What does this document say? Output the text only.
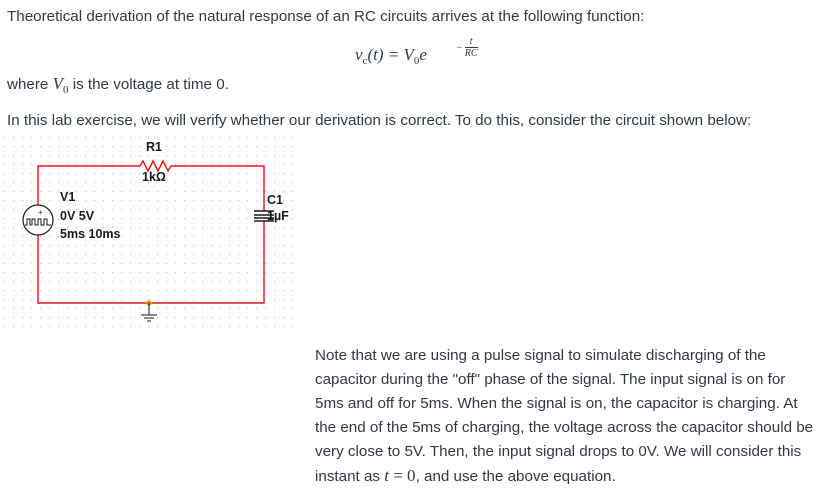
Theoretical derivation of the natural response of an RC circuits arrives at the following function:

$v_c(t) = V_0e$	− $\frac{t}{RC}$

where $V_0$ is the voltage at time 0.

In this lab exercise, we will verify whether our derivation is correct. To do this, consider the circuit shown below:

+
R1
1kΩ
V1
0V 5V
5ms 10ms
C1
1µF

Note that we are using a pulse signal to simulate discharging of the capacitor during the "off" phase of the signal. The input signal is on for 5ms and off for 5ms. When the signal is on, the capacitor is charging. At the end of the 5ms of charging, the voltage across the capacitor should be very close to 5V. Then, the input signal drops to 0V. We will consider this instant as t = 0, and use the above equation.
